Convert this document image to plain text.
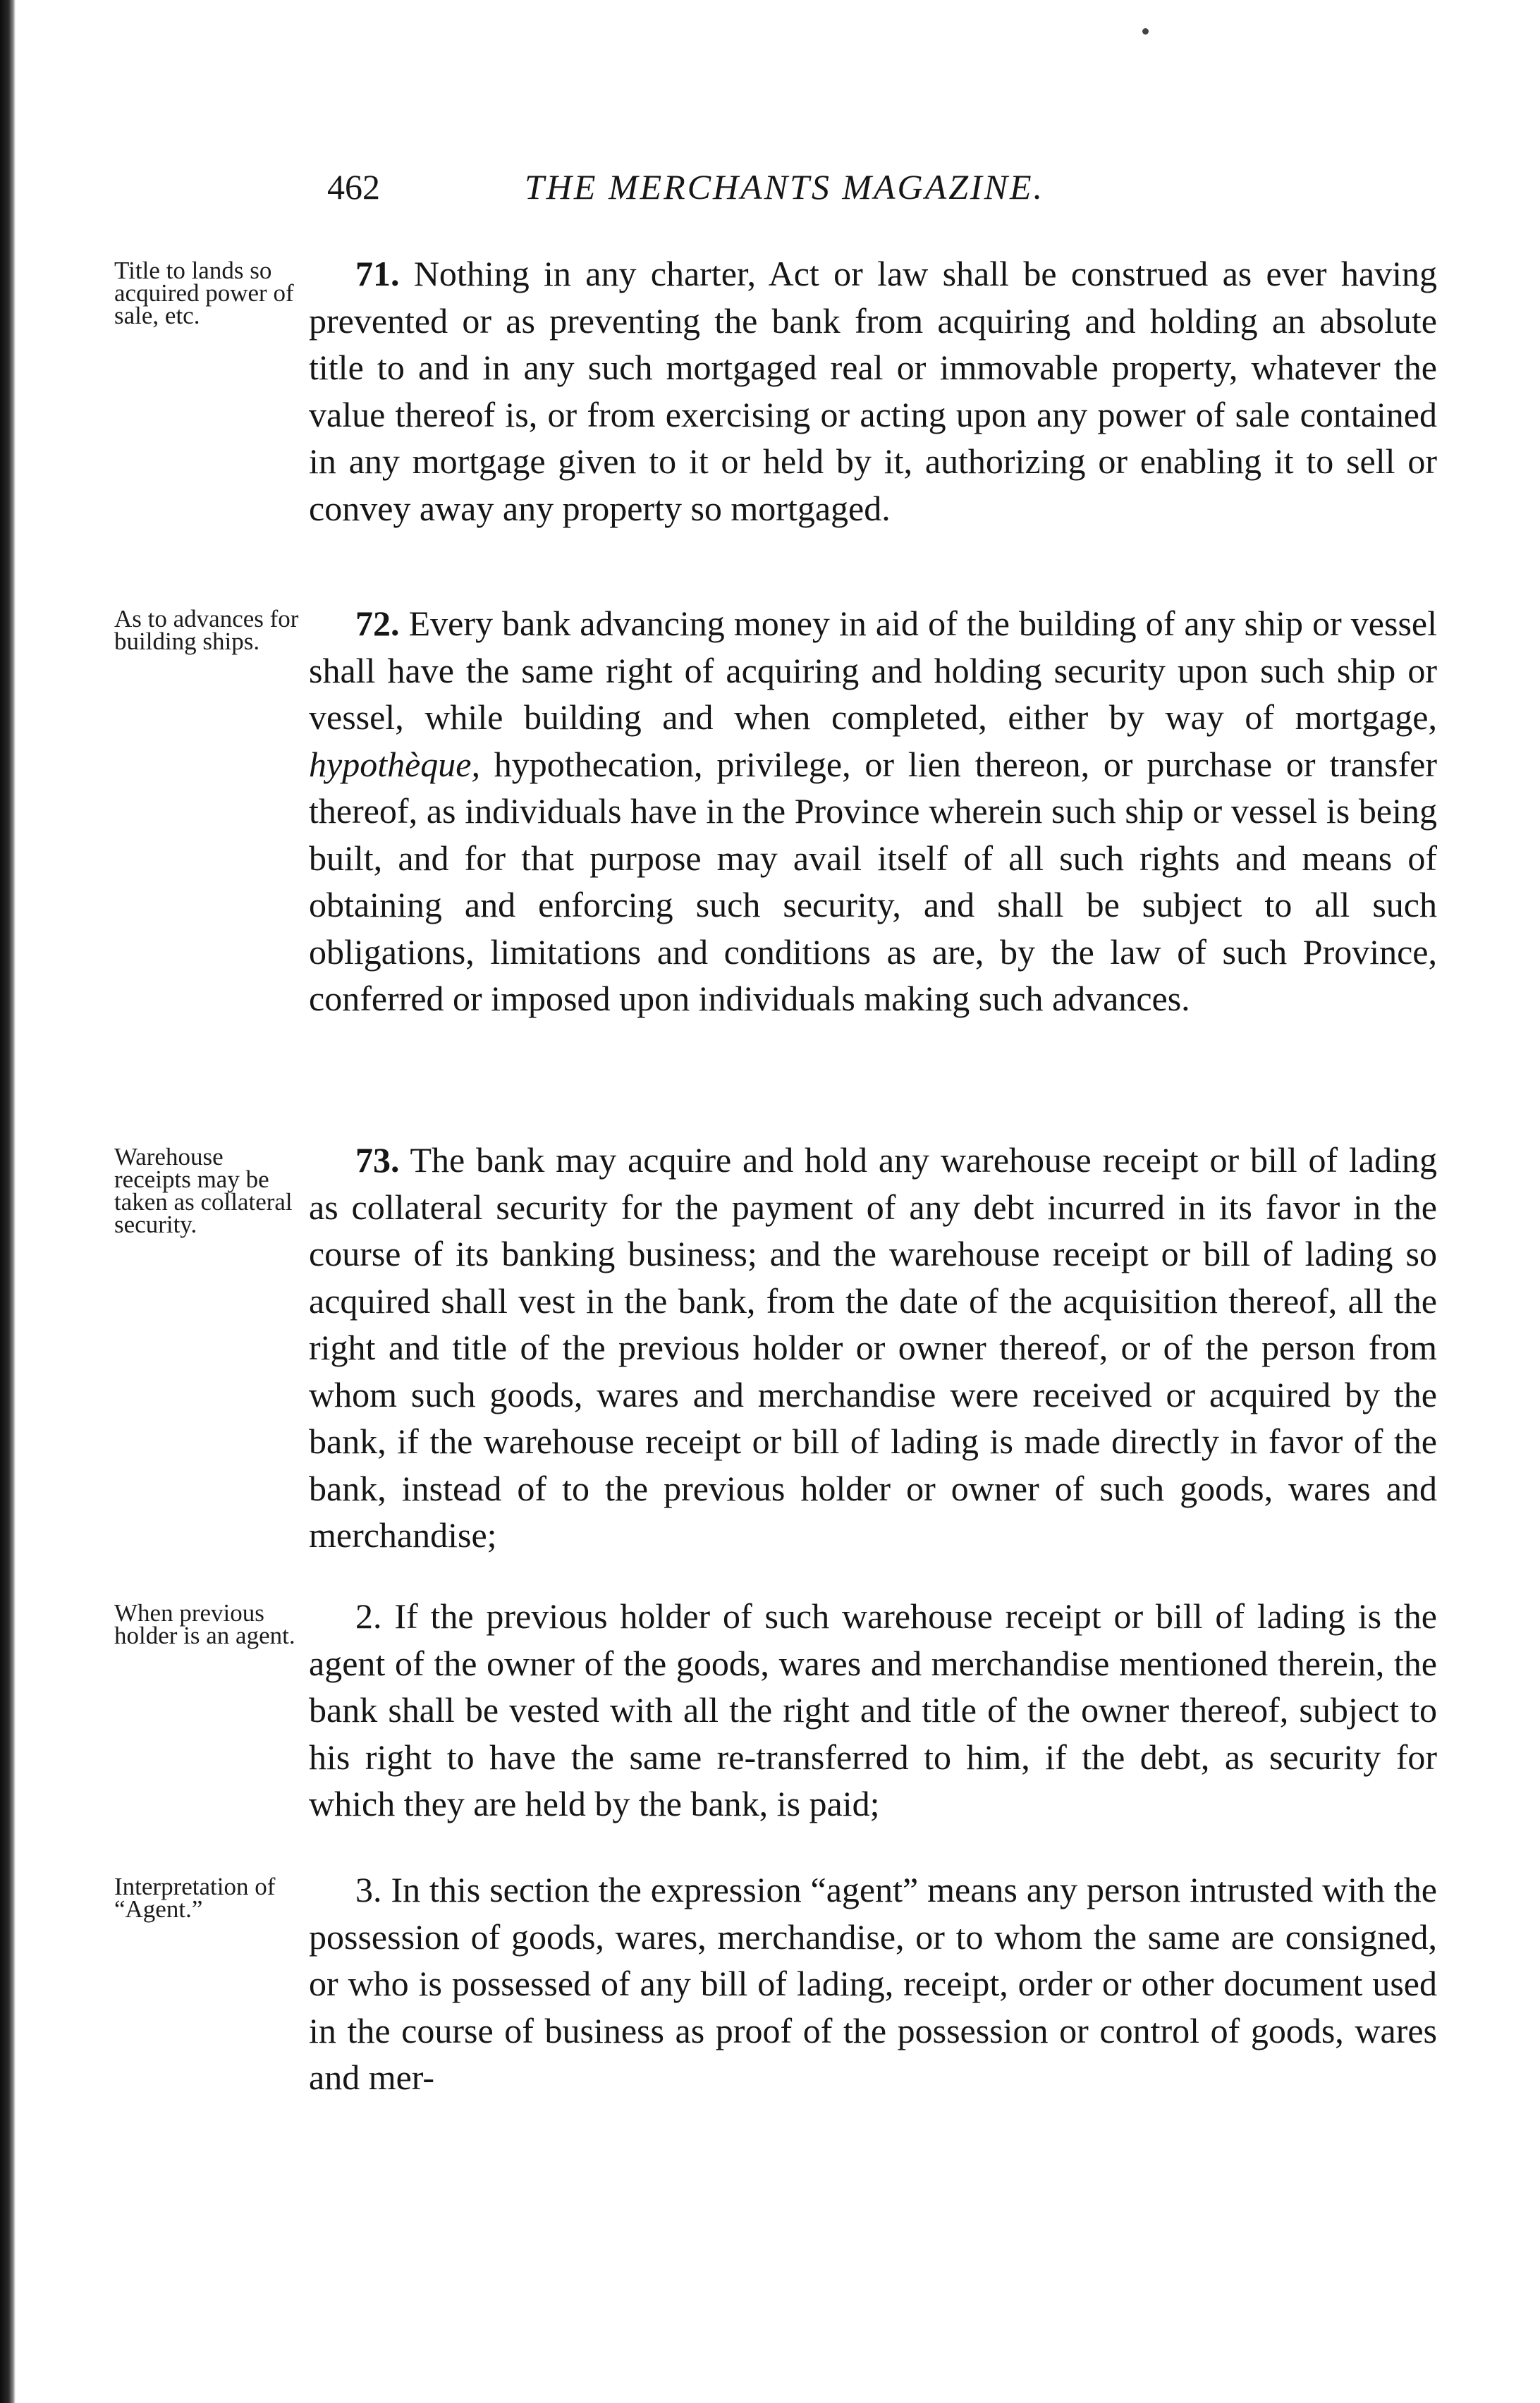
462	THE MERCHANTS MAGAZINE.
Title to lands so acquired power of sale, etc.
71. Nothing in any charter, Act or law shall be construed as ever having prevented or as preventing the bank from acquiring and holding an absolute title to and in any such mortgaged real or immovable property, whatever the value thereof is, or from exercising or acting upon any power of sale contained in any mortgage given to it or held by it, authorizing or enabling it to sell or convey away any property so mortgaged.
As to advances for building ships.	72. Every bank advancing money in aid of the building of any ship or vessel shall have the same right of acquiring and holding security upon such ship or vessel, while building and when completed, either by way of mortgage, hypothèque, hypothecation, privilege, or lien thereon, or purchase or transfer thereof, as individuals have in the Province wherein such ship or vessel is being built, and for that purpose may avail itself of all such rights and means of obtaining and enforcing such security, and shall be subject to all such obligations, limitations and conditions as are, by the law of such Province, conferred or imposed upon individuals making such advances.
Warehouse receipts may be taken as collateral security.
73. The bank may acquire and hold any warehouse receipt or bill of lading as collateral security for the payment of any debt incurred in its favor in the course of its banking business; and the warehouse receipt or bill of lading so acquired shall vest in the bank, from the date of the acquisition thereof, all the right and title of the previous holder or owner thereof, or of the person from whom such goods, wares and merchandise were received or acquired by the bank, if the warehouse receipt or bill of lading is made directly in favor of the bank, instead of to the previous holder or owner of such goods, wares and merchandise;
When previous holder is an agent.	2. If the previous holder of such warehouse receipt or bill of lading is the agent of the owner of the goods, wares and merchandise mentioned therein, the bank shall be vested with all the right and title of the owner thereof, subject to his right to have the same re-transferred to him, if the debt, as security for which they are held by the bank, is paid;
Interpretation of “Agent.”	3. In this section the expression “agent” means any person intrusted with the possession of goods, wares, merchandise, or to whom the same are consigned, or who is possessed of any bill of lading, receipt, order or other document used in the course of business as proof of the possession or control of goods, wares and mer-
